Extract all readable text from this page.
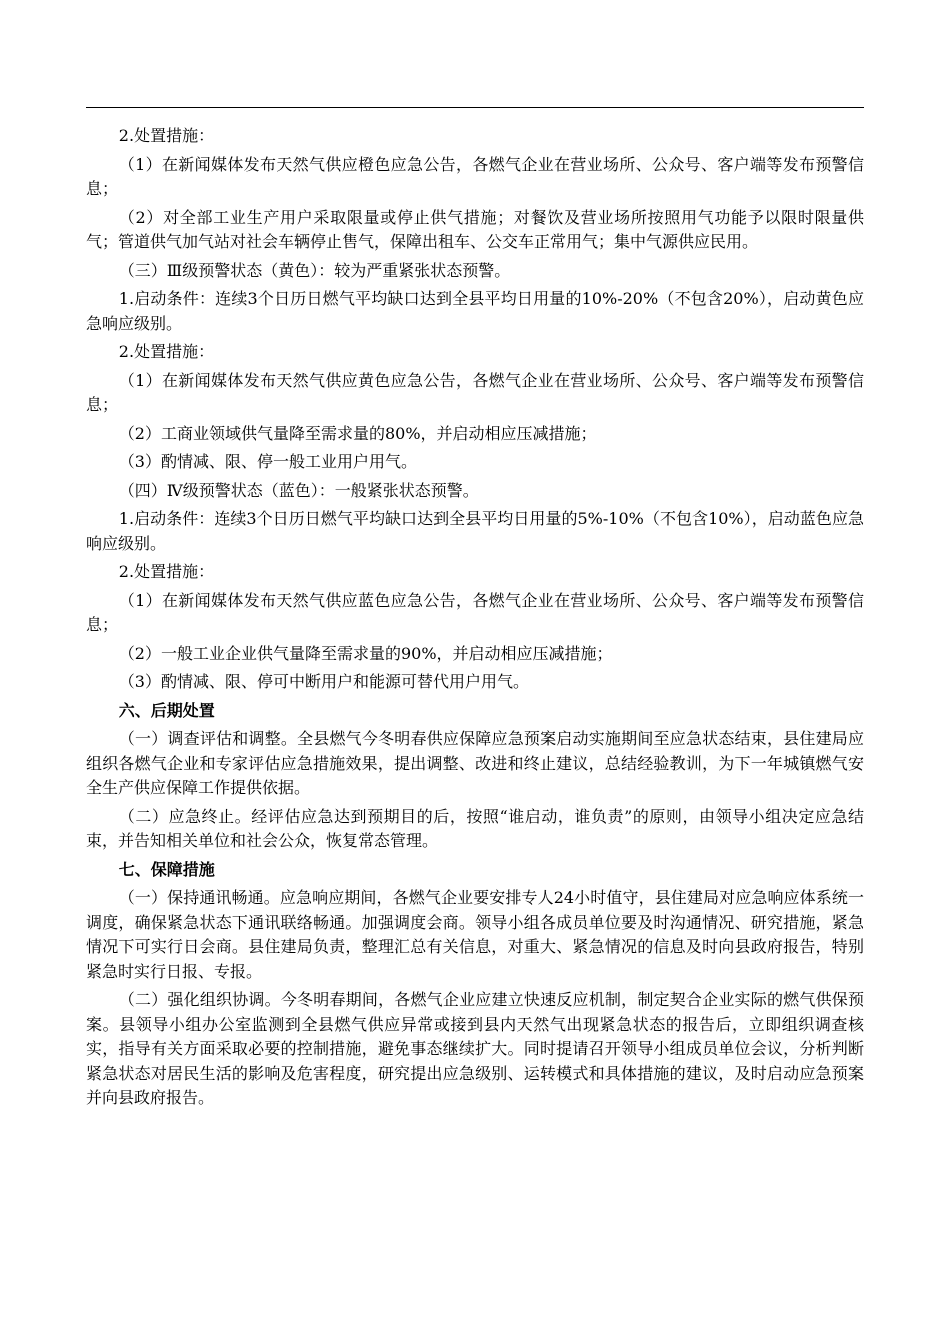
2.处置措施：

（1）在新闻媒体发布天然气供应橙色应急公告，各燃气企业在营业场所、公众号、客户端等发布预警信息；

（2）对全部工业生产用户采取限量或停止供气措施；对餐饮及营业场所按照用气功能予以限时限量供气；管道供气加气站对社会车辆停止售气，保障出租车、公交车正常用气；集中气源供应民用。

（三）Ⅲ级预警状态（黄色）：较为严重紧张状态预警。

1.启动条件：连续3个日历日燃气平均缺口达到全县平均日用量的10%-20%（不包含20%），启动黄色应急响应级别。

2.处置措施：

（1）在新闻媒体发布天然气供应黄色应急公告，各燃气企业在营业场所、公众号、客户端等发布预警信息；

（2）工商业领域供气量降至需求量的80%，并启动相应压减措施；

（3）酌情减、限、停一般工业用户用气。

（四）Ⅳ级预警状态（蓝色）：一般紧张状态预警。

1.启动条件：连续3个日历日燃气平均缺口达到全县平均日用量的5%-10%（不包含10%），启动蓝色应急响应级别。

2.处置措施：

（1）在新闻媒体发布天然气供应蓝色应急公告，各燃气企业在营业场所、公众号、客户端等发布预警信息；

（2）一般工业企业供气量降至需求量的90%，并启动相应压减措施；

（3）酌情减、限、停可中断用户和能源可替代用户用气。

六、后期处置

（一）调查评估和调整。全县燃气今冬明春供应保障应急预案启动实施期间至应急状态结束，县住建局应组织各燃气企业和专家评估应急措施效果，提出调整、改进和终止建议，总结经验教训，为下一年城镇燃气安全生产供应保障工作提供依据。

（二）应急终止。经评估应急达到预期目的后，按照“谁启动，谁负责”的原则，由领导小组决定应急结束，并告知相关单位和社会公众，恢复常态管理。

七、保障措施

（一）保持通讯畅通。应急响应期间，各燃气企业要安排专人24小时值守，县住建局对应急响应体系统一调度，确保紧急状态下通讯联络畅通。加强调度会商。领导小组各成员单位要及时沟通情况、研究措施，紧急情况下可实行日会商。县住建局负责，整理汇总有关信息，对重大、紧急情况的信息及时向县政府报告，特别紧急时实行日报、专报。

（二）强化组织协调。今冬明春期间，各燃气企业应建立快速反应机制，制定契合企业实际的燃气供保预案。县领导小组办公室监测到全县燃气供应异常或接到县内天然气出现紧急状态的报告后，立即组织调查核实，指导有关方面采取必要的控制措施，避免事态继续扩大。同时提请召开领导小组成员单位会议，分析判断紧急状态对居民生活的影响及危害程度，研究提出应急级别、运转模式和具体措施的建议，及时启动应急预案并向县政府报告。
